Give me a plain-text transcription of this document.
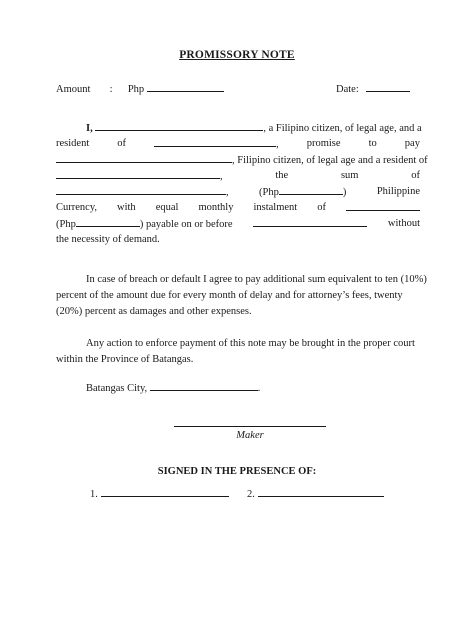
PROMISSORY NOTE
Amount : Php	Date:
I,	, a Filipino citizen, of legal age, and a
resident	of	,	promise	to	pay
, Filipino citizen, of legal age and a resident of
,	the	sum	of
,	(Php	)	Philippine
Currency, with equal monthly instalment of
(Php	) payable on or before	without
the necessity of demand.
In case of breach or default I agree to pay additional sum equivalent to ten (10%)
percent of the amount due for every month of delay and for attorney’s fees, twenty
(20%) percent as damages and other expenses.
Any action to enforce payment of this note may be brought in the proper court
within the Province of Batangas.
Batangas City,	.
Maker
SIGNED IN THE PRESENCE OF:
1.	2.
